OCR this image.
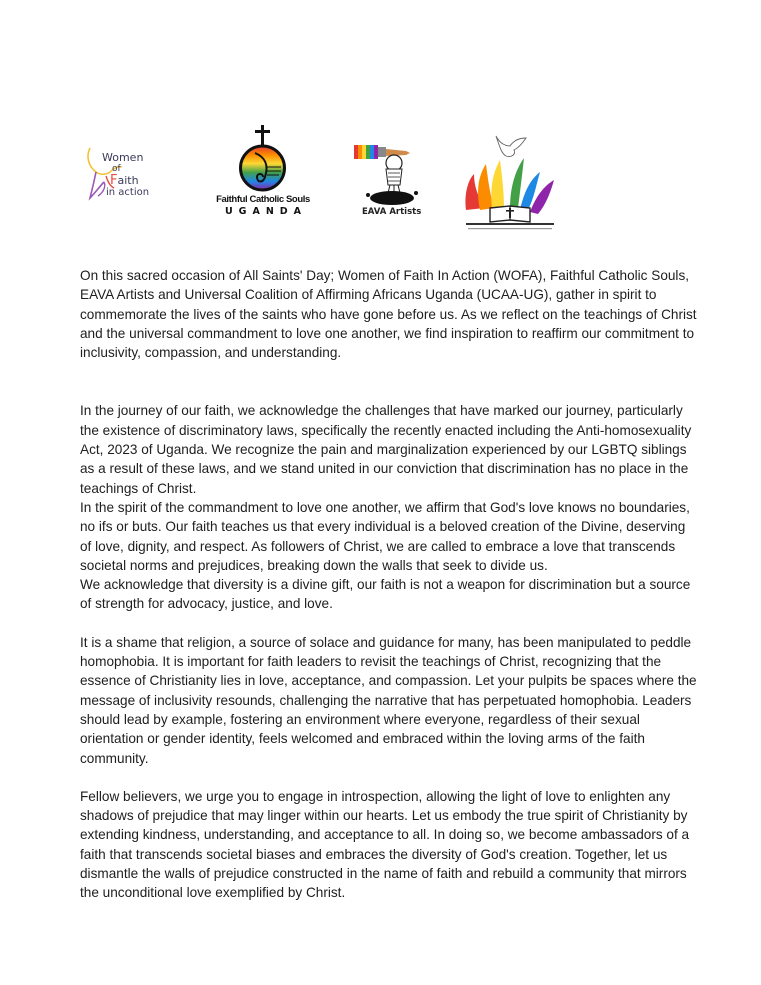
Women
of
Faith
in action
Faithful Catholic Souls
UGANDA	EAVA Artists

On this sacred occasion of All Saints' Day; Women of Faith In Action (WOFA), Faithful Catholic Souls, EAVA Artists and Universal Coalition of Affirming Africans Uganda (UCAA-UG), gather in spirit to commemorate the lives of the saints who have gone before us. As we reflect on the teachings of Christ and the universal commandment to love one another, we find inspiration to reaffirm our commitment to inclusivity, compassion, and understanding.

In the journey of our faith, we acknowledge the challenges that have marked our journey, particularly the existence of discriminatory laws, specifically the recently enacted including the Anti-homosexuality Act, 2023 of Uganda. We recognize the pain and marginalization experienced by our LGBTQ siblings as a result of these laws, and we stand united in our conviction that discrimination has no place in the teachings of Christ.

In the spirit of the commandment to love one another, we affirm that God's love knows no boundaries, no ifs or buts. Our faith teaches us that every individual is a beloved creation of the Divine, deserving of love, dignity, and respect. As followers of Christ, we are called to embrace a love that transcends societal norms and prejudices, breaking down the walls that seek to divide us.

We acknowledge that diversity is a divine gift, our faith is not a weapon for discrimination but a source of strength for advocacy, justice, and love.

It is a shame that religion, a source of solace and guidance for many, has been manipulated to peddle homophobia. It is important for faith leaders to revisit the teachings of Christ, recognizing that the essence of Christianity lies in love, acceptance, and compassion. Let your pulpits be spaces where the message of inclusivity resounds, challenging the narrative that has perpetuated homophobia. Leaders should lead by example, fostering an environment where everyone, regardless of their sexual orientation or gender identity, feels welcomed and embraced within the loving arms of the faith community.

Fellow believers, we urge you to engage in introspection, allowing the light of love to enlighten any shadows of prejudice that may linger within our hearts. Let us embody the true spirit of Christianity by extending kindness, understanding, and acceptance to all. In doing so, we become ambassadors of a faith that transcends societal biases and embraces the diversity of God's creation. Together, let us dismantle the walls of prejudice constructed in the name of faith and rebuild a community that mirrors the unconditional love exemplified by Christ.
